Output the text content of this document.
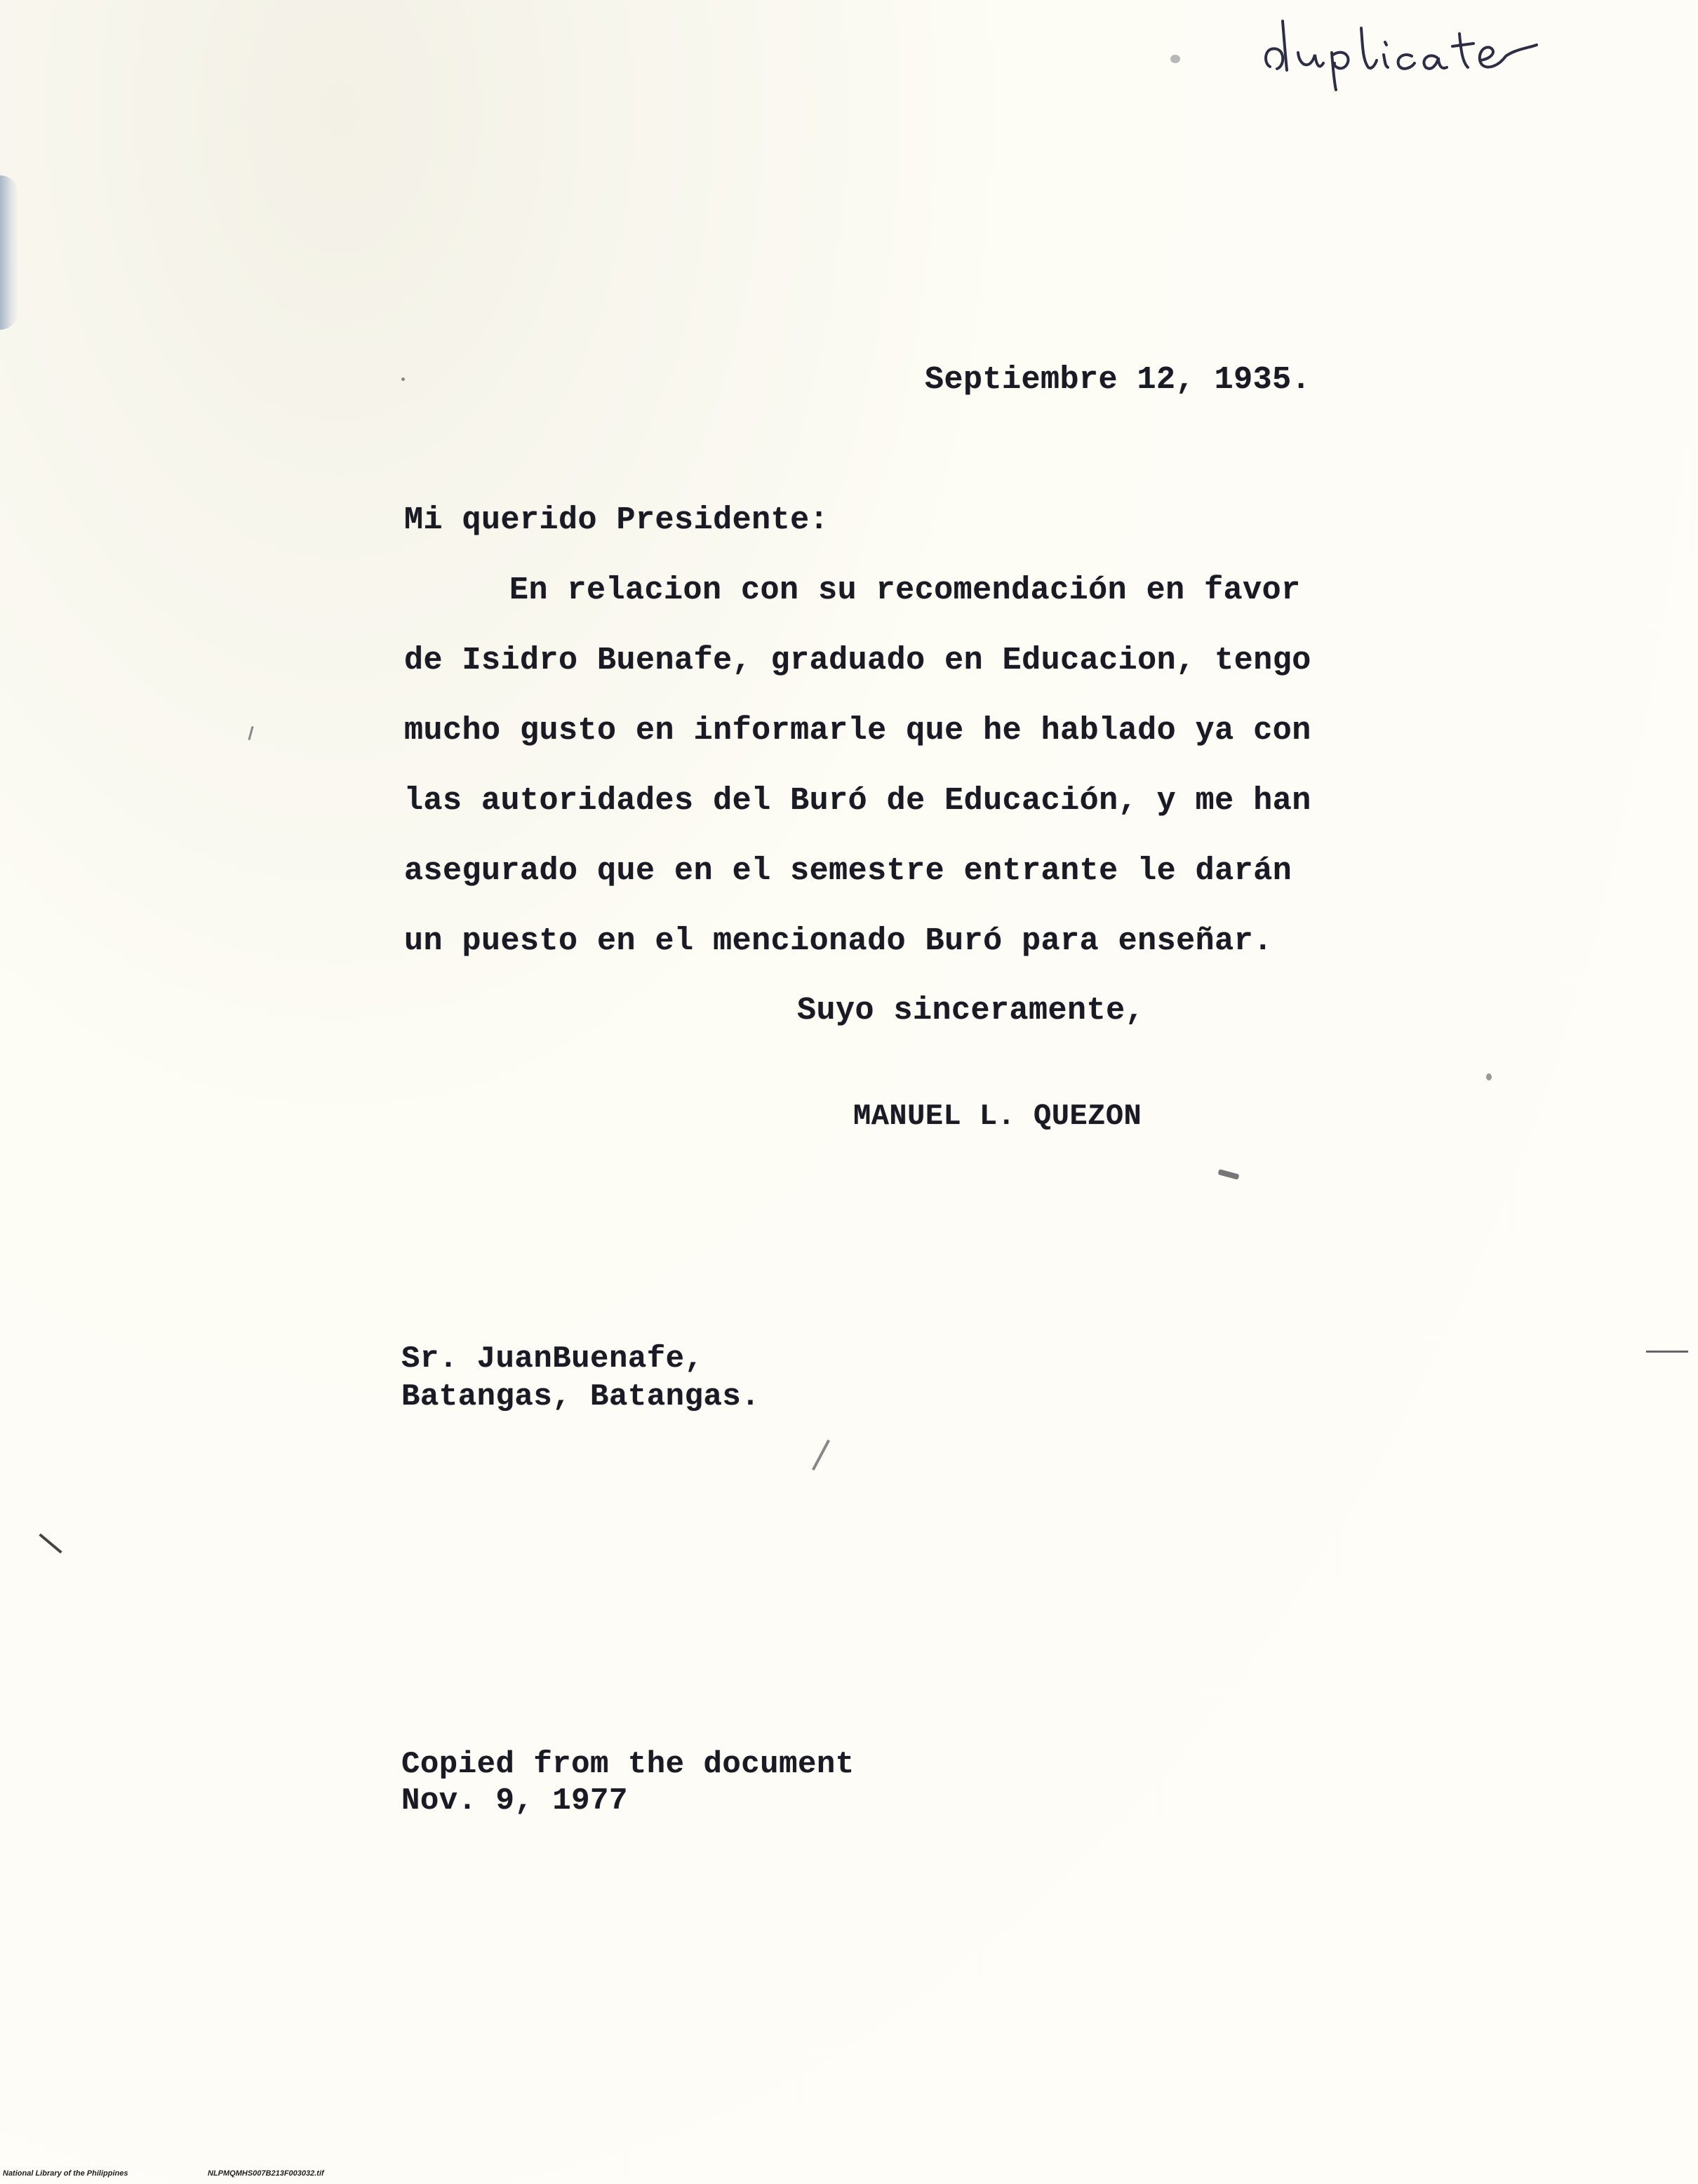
Septiembre 12, 1935.
Mi querido Presidente:
En relacion con su recomendación en favor
de Isidro Buenafe, graduado en Educacion, tengo
mucho gusto en informarle que he hablado ya con
las autoridades del Buró de Educación, y me han
asegurado que en el semestre entrante le darán
un puesto en el mencionado Buró para enseñar.
Suyo sinceramente,
MANUEL L. QUEZON
Sr. JuanBuenafe,
Batangas, Batangas.
Copied from the document
Nov. 9, 1977
National Library of the Philippines	NLPMQMHS007B213F003032.tif
